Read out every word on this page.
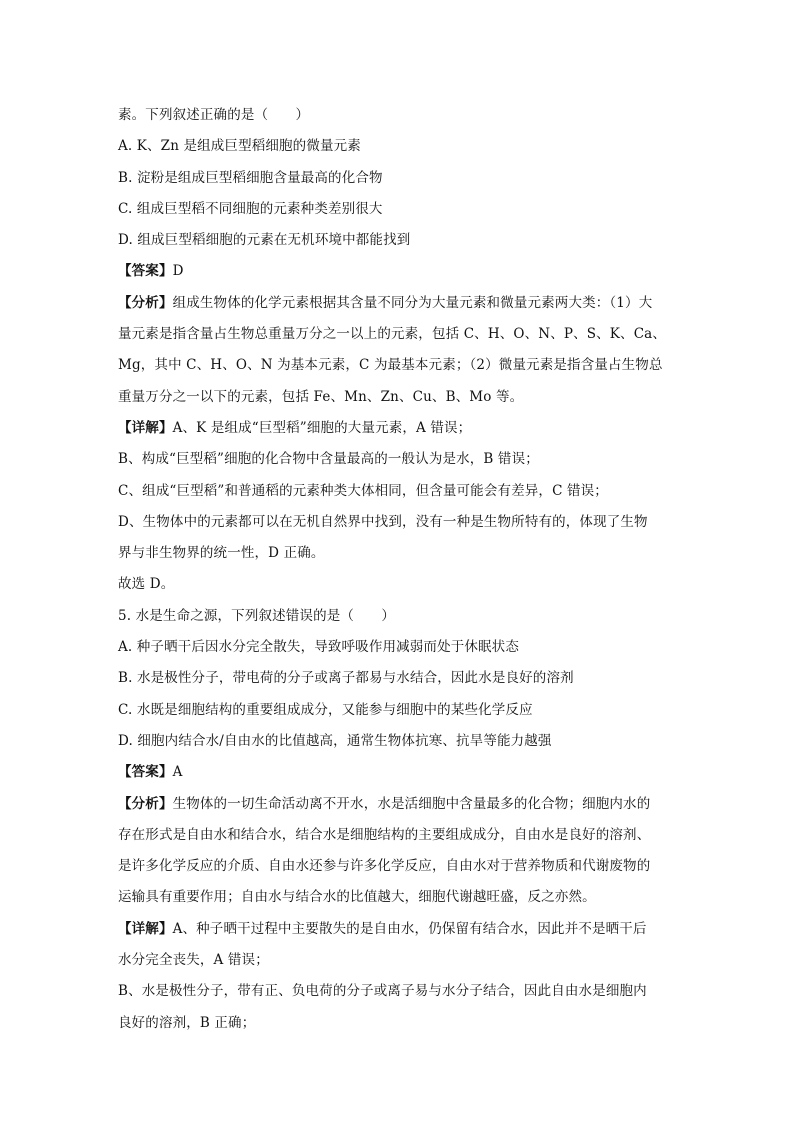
素。下列叙述正确的是（　　）
A. K、Zn 是组成巨型稻细胞的微量元素
B. 淀粉是组成巨型稻细胞含量最高的化合物
C. 组成巨型稻不同细胞的元素种类差别很大
D. 组成巨型稻细胞的元素在无机环境中都能找到
【答案】D
【分析】组成生物体的化学元素根据其含量不同分为大量元素和微量元素两大类：（1）大
量元素是指含量占生物总重量万分之一以上的元素，包括 C、H、O、N、P、S、K、Ca、
Mg，其中 C、H、O、N 为基本元素，C 为最基本元素；（2）微量元素是指含量占生物总
重量万分之一以下的元素，包括 Fe、Mn、Zn、Cu、B、Mo 等。
【详解】A、K 是组成“巨型稻”细胞的大量元素，A 错误；
B、构成“巨型稻”细胞的化合物中含量最高的一般认为是水，B 错误；
C、组成“巨型稻”和普通稻的元素种类大体相同，但含量可能会有差异，C 错误；
D、生物体中的元素都可以在无机自然界中找到，没有一种是生物所特有的，体现了生物
界与非生物界的统一性，D 正确。
故选 D。
5. 水是生命之源，下列叙述错误的是（　　）
A. 种子晒干后因水分完全散失，导致呼吸作用减弱而处于休眠状态
B. 水是极性分子，带电荷的分子或离子都易与水结合，因此水是良好的溶剂
C. 水既是细胞结构的重要组成成分，又能参与细胞中的某些化学反应
D. 细胞内结合水/自由水的比值越高，通常生物体抗寒、抗旱等能力越强
【答案】A
【分析】生物体的一切生命活动离不开水，水是活细胞中含量最多的化合物；细胞内水的
存在形式是自由水和结合水，结合水是细胞结构的主要组成成分，自由水是良好的溶剂、
是许多化学反应的介质、自由水还参与许多化学反应，自由水对于营养物质和代谢废物的
运输具有重要作用；自由水与结合水的比值越大，细胞代谢越旺盛，反之亦然。
【详解】A、种子晒干过程中主要散失的是自由水，仍保留有结合水，因此并不是晒干后
水分完全丧失，A 错误；
B、水是极性分子，带有正、负电荷的分子或离子易与水分子结合，因此自由水是细胞内
良好的溶剂，B 正确；
